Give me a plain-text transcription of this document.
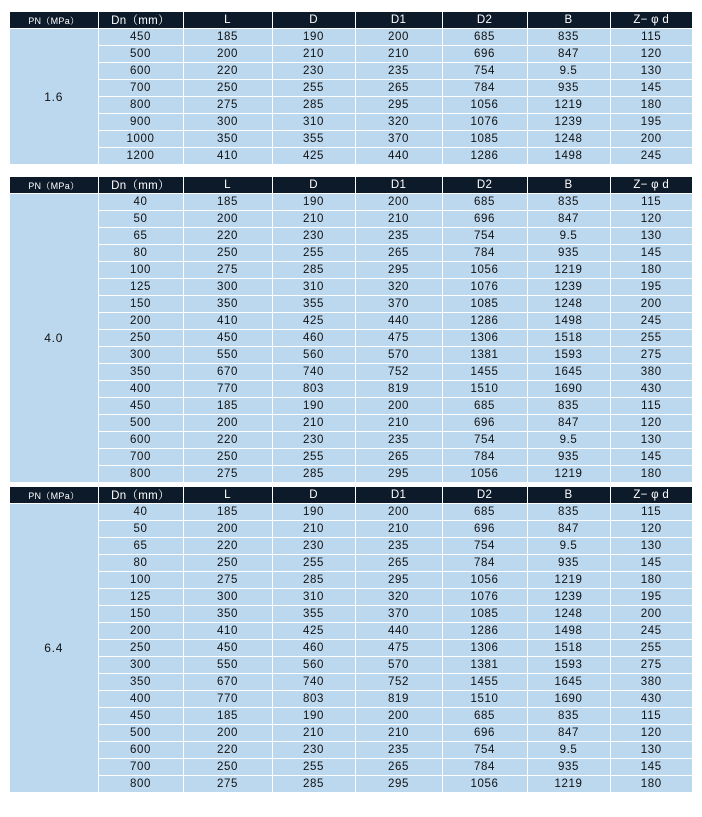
PN（MPa）	Dn（mm）	L	D	D1	D2	B	Z− φ d
1.6	450	185	190	200	685	835	115
	500	200	210	210	696	847	120
	600	220	230	235	754	9.5	130
	700	250	255	265	784	935	145
	800	275	285	295	1056	1219	180
	900	300	310	320	1076	1239	195
	1000	350	355	370	1085	1248	200
	1200	410	425	440	1286	1498	245
PN（MPa）	Dn（mm）	L	D	D1	D2	B	Z− φ d
4.0	40	185	190	200	685	835	115
	50	200	210	210	696	847	120
	65	220	230	235	754	9.5	130
	80	250	255	265	784	935	145
	100	275	285	295	1056	1219	180
	125	300	310	320	1076	1239	195
	150	350	355	370	1085	1248	200
	200	410	425	440	1286	1498	245
	250	450	460	475	1306	1518	255
	300	550	560	570	1381	1593	275
	350	670	740	752	1455	1645	380
	400	770	803	819	1510	1690	430
	450	185	190	200	685	835	115
	500	200	210	210	696	847	120
	600	220	230	235	754	9.5	130
	700	250	255	265	784	935	145
	800	275	285	295	1056	1219	180
PN（MPa）	Dn（mm）	L	D	D1	D2	B	Z− φ d
6.4	40	185	190	200	685	835	115
	50	200	210	210	696	847	120
	65	220	230	235	754	9.5	130
	80	250	255	265	784	935	145
	100	275	285	295	1056	1219	180
	125	300	310	320	1076	1239	195
	150	350	355	370	1085	1248	200
	200	410	425	440	1286	1498	245
	250	450	460	475	1306	1518	255
	300	550	560	570	1381	1593	275
	350	670	740	752	1455	1645	380
	400	770	803	819	1510	1690	430
	450	185	190	200	685	835	115
	500	200	210	210	696	847	120
	600	220	230	235	754	9.5	130
	700	250	255	265	784	935	145
	800	275	285	295	1056	1219	180
